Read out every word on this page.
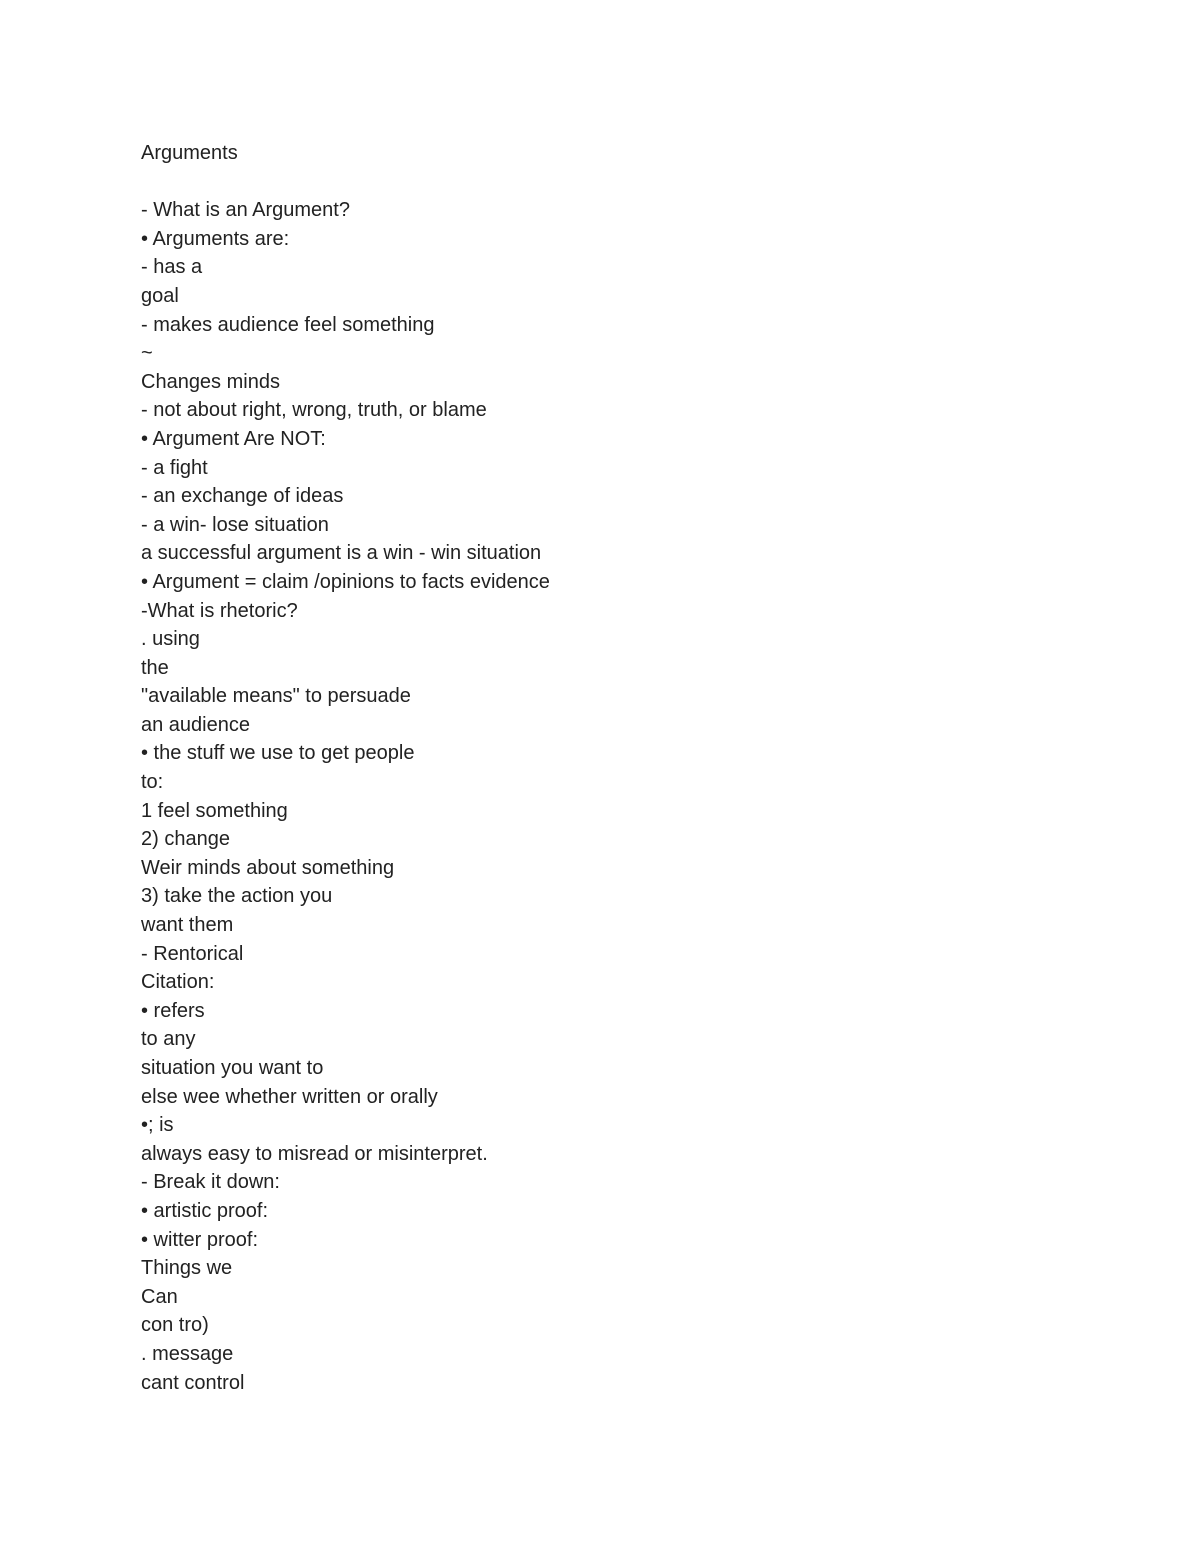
Arguments
- What is an Argument?
• Arguments are:
- has a
goal
- makes audience feel something
~
Changes minds
- not about right, wrong, truth, or blame
• Argument Are NOT:
- a fight
- an exchange of ideas
- a win- lose situation
a successful argument is a win - win situation
• Argument = claim /opinions to facts evidence
-What is rhetoric?
. using
the
"available means" to persuade
an audience
• the stuff we use to get people
to:
1 feel something
2) change
Weir minds about something
3) take the action you
want them
- Rentorical
Citation:
• refers
to any
situation you want to
else wee whether written or orally
•; is
always easy to misread or misinterpret.
- Break it down:
• artistic proof:
• witter proof:
Things we
Can
con tro)
. message
cant control
